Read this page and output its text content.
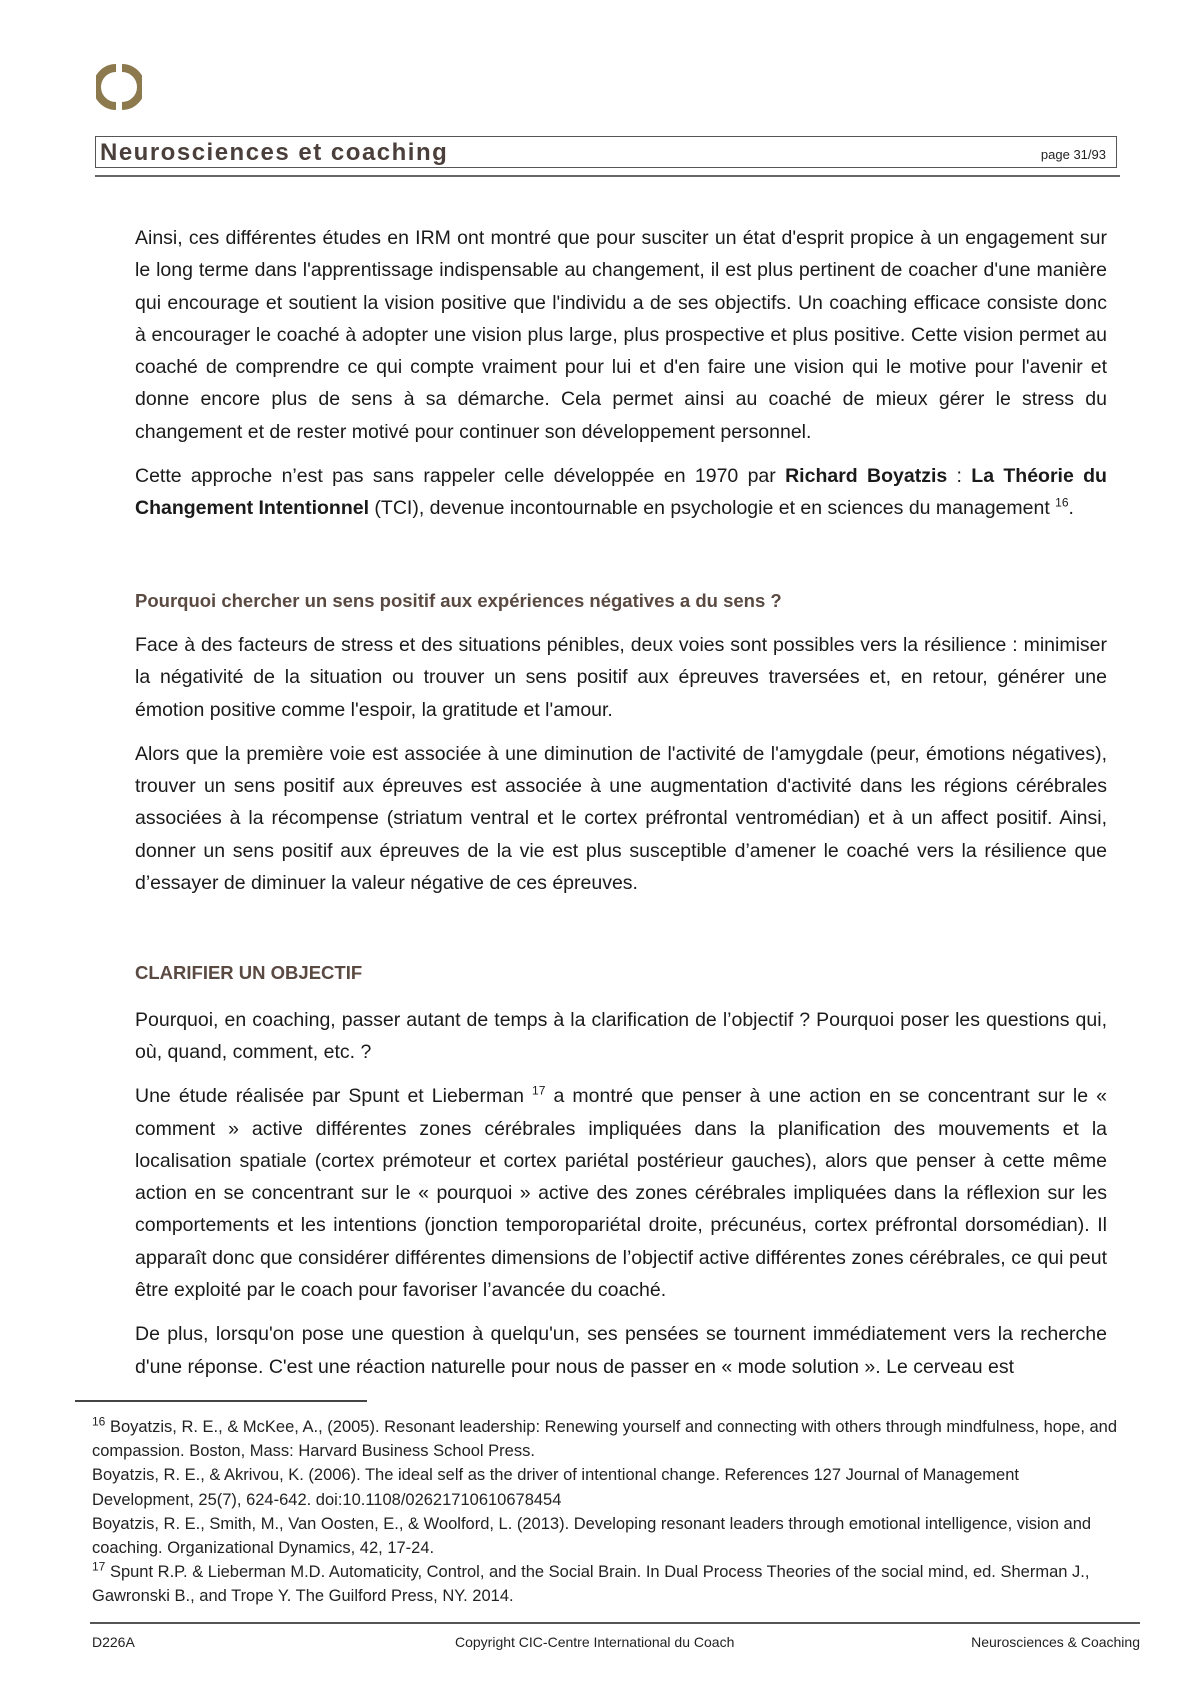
Neurosciences et coaching	page 31/93

Ainsi, ces différentes études en IRM ont montré que pour susciter un état d'esprit propice à un engagement sur le long terme dans l'apprentissage indispensable au changement, il est plus pertinent de coacher d'une manière qui encourage et soutient la vision positive que l'individu a de ses objectifs. Un coaching efficace consiste donc à encourager le coaché à adopter une vision plus large, plus prospective et plus positive. Cette vision permet au coaché de comprendre ce qui compte vraiment pour lui et d'en faire une vision qui le motive pour l'avenir et donne encore plus de sens à sa démarche. Cela permet ainsi au coaché de mieux gérer le stress du changement et de rester motivé pour continuer son développement personnel.

Cette approche n’est pas sans rappeler celle développée en 1970 par Richard Boyatzis : La Théorie du Changement Intentionnel (TCI), devenue incontournable en psychologie et en sciences du management $^{16}$.

Pourquoi chercher un sens positif aux expériences négatives a du sens ?

Face à des facteurs de stress et des situations pénibles, deux voies sont possibles vers la résilience : minimiser la négativité de la situation ou trouver un sens positif aux épreuves traversées et, en retour, générer une émotion positive comme l'espoir, la gratitude et l'amour.

Alors que la première voie est associée à une diminution de l'activité de l'amygdale (peur, émotions négatives), trouver un sens positif aux épreuves est associée à une augmentation d'activité dans les régions cérébrales associées à la récompense (striatum ventral et le cortex préfrontal ventromédian) et à un affect positif. Ainsi, donner un sens positif aux épreuves de la vie est plus susceptible d’amener le coaché vers la résilience que d’essayer de diminuer la valeur négative de ces épreuves.

CLARIFIER UN OBJECTIF

Pourquoi, en coaching, passer autant de temps à la clarification de l’objectif ? Pourquoi poser les questions qui, où, quand, comment, etc. ?

Une étude réalisée par Spunt et Lieberman $^{17}$ a montré que penser à une action en se concentrant sur le « comment » active différentes zones cérébrales impliquées dans la planification des mouvements et la localisation spatiale (cortex prémoteur et cortex pariétal postérieur gauches), alors que penser à cette même action en se concentrant sur le « pourquoi » active des zones cérébrales impliquées dans la réflexion sur les comportements et les intentions (jonction temporopariétal droite, précunéus, cortex préfrontal dorsomédian). Il apparaît donc que considérer différentes dimensions de l’objectif active différentes zones cérébrales, ce qui peut être exploité par le coach pour favoriser l’avancée du coaché.

De plus, lorsqu'on pose une question à quelqu'un, ses pensées se tournent immédiatement vers la recherche d'une réponse. C'est une réaction naturelle pour nous de passer en « mode solution ». Le cerveau est

$^{16}$ Boyatzis, R. E., & McKee, A., (2005). Resonant leadership: Renewing yourself and connecting with others through mindfulness, hope, and compassion. Boston, Mass: Harvard Business School Press.
Boyatzis, R. E., & Akrivou, K. (2006). The ideal self as the driver of intentional change. References 127 Journal of Management Development, 25(7), 624-642. doi:10.1108/02621710610678454
Boyatzis, R. E., Smith, M., Van Oosten, E., & Woolford, L. (2013). Developing resonant leaders through emotional intelligence, vision and coaching. Organizational Dynamics, 42, 17-24.
$^{17}$ Spunt R.P. & Lieberman M.D. Automaticity, Control, and the Social Brain. In Dual Process Theories of the social mind, ed. Sherman J., Gawronski B., and Trope Y. The Guilford Press, NY. 2014.
D226A	Copyright CIC-Centre International du Coach	Neurosciences & Coaching
